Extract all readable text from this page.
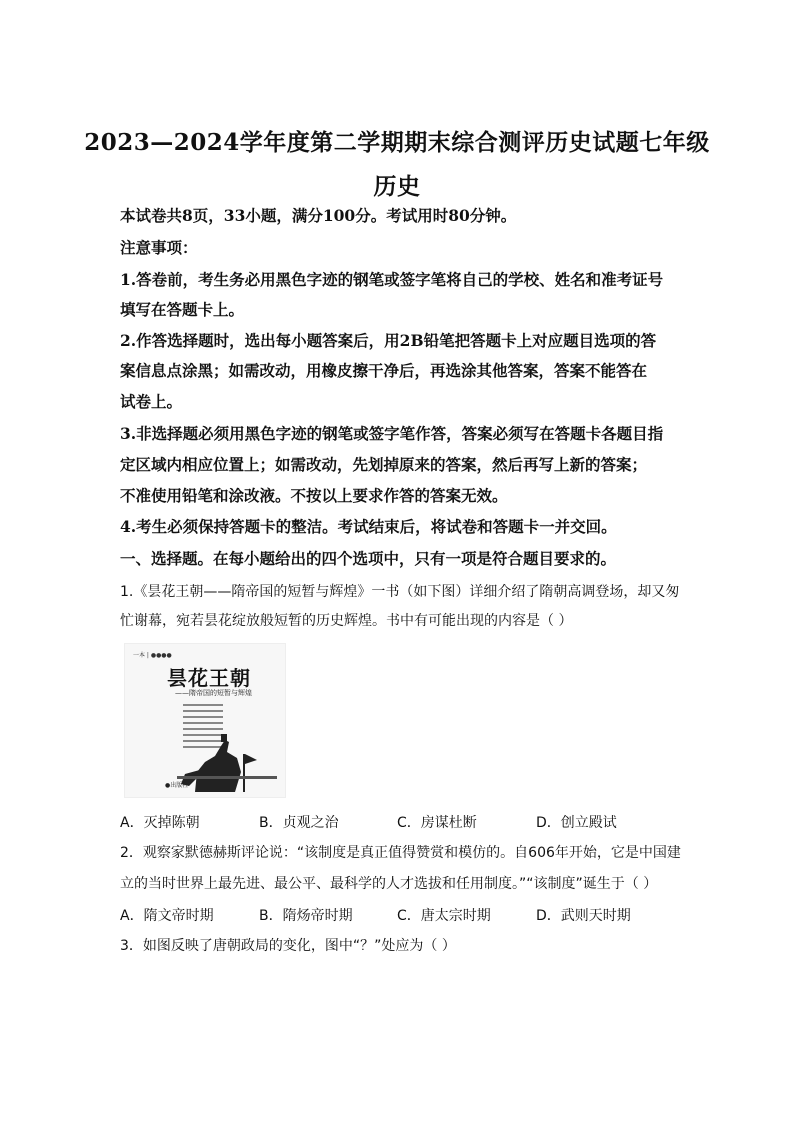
2023—2024学年度第二学期期末综合测评历史试题七年级
历史
本试卷共8页，33小题，满分100分。考试用时80分钟。
注意事项：
1.答卷前，考生务必用黑色字迹的钢笔或签字笔将自己的学校、姓名和准考证号
填写在答题卡上。
2.作答选择题时，选出每小题答案后，用2B铅笔把答题卡上对应题目选项的答
案信息点涂黑；如需改动，用橡皮擦干净后，再选涂其他答案，答案不能答在
试卷上。
3.非选择题必须用黑色字迹的钢笔或签字笔作答，答案必须写在答题卡各题目指
定区域内相应位置上；如需改动，先划掉原来的答案，然后再写上新的答案；
不准使用铅笔和涂改液。不按以上要求作答的答案无效。
4.考生必须保持答题卡的整洁。考试结束后，将试卷和答题卡一并交回。
一、选择题。在每小题给出的四个选项中，只有一项是符合题目要求的。
1.《昙花王朝——隋帝国的短暂与辉煌》一书（如下图）详细介绍了隋朝高调登场，却又匆
忙谢幕，宛若昙花绽放般短暂的历史辉煌。书中有可能出现的内容是（ ）
一本 | ●●●●
昙花王朝
——隋帝国的短暂与辉煌
●出版社
A．灭掉陈朝	B．贞观之治	C．房谋杜断	D．创立殿试
2．观察家默德赫斯评论说：“该制度是真正值得赞赏和模仿的。自606年开始，它是中国建
立的当时世界上最先进、最公平、最科学的人才选拔和任用制度。”“该制度”诞生于（ ）
A．隋文帝时期	B．隋炀帝时期	C．唐太宗时期	D．武则天时期
3．如图反映了唐朝政局的变化，图中“？”处应为（ ）
